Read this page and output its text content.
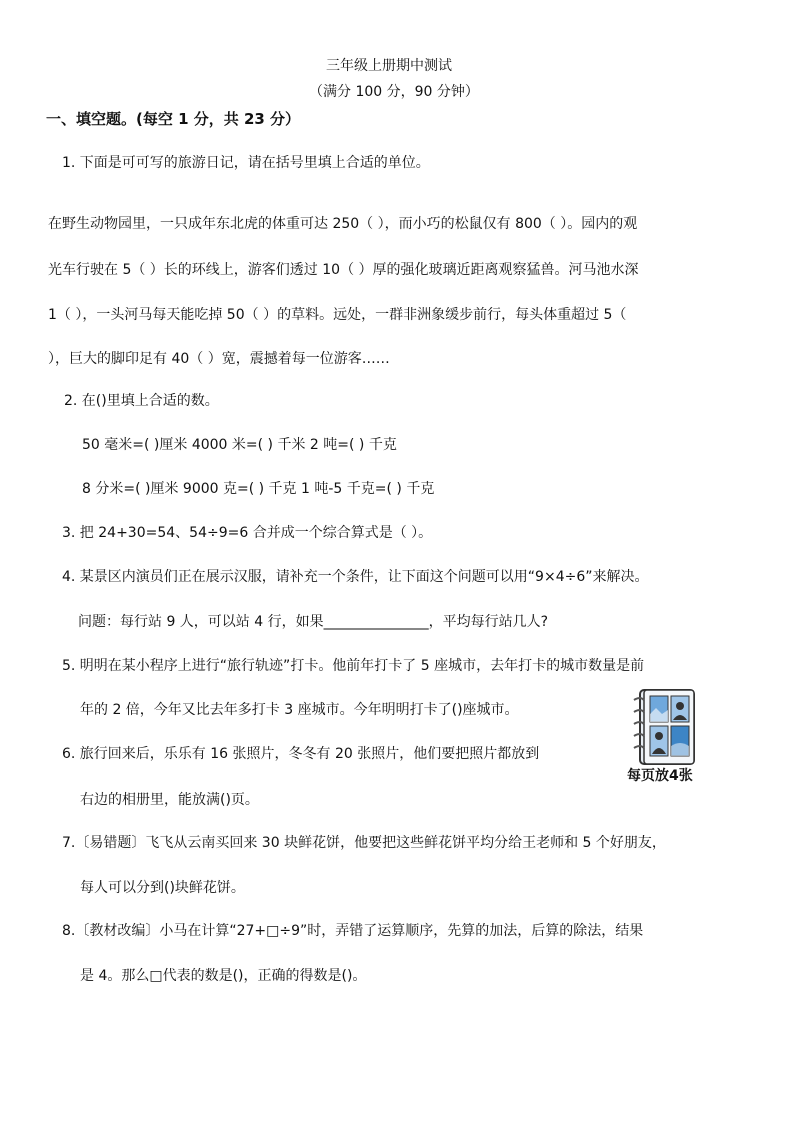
三年级上册期中测试
（满分 100 分，90 分钟）
一、填空题。(每空 1 分，共 23 分）
1. 下面是可可写的旅游日记，请在括号里填上合适的单位。
在野生动物园里，一只成年东北虎的体重可达 250（ ），而小巧的松鼠仅有 800（ ）。园内的观
光车行驶在 5（ ）长的环线上，游客们透过 10（ ）厚的强化玻璃近距离观察猛兽。河马池水深
1（ ），一头河马每天能吃掉 50（ ）的草料。远处，一群非洲象缓步前行，每头体重超过 5（
），巨大的脚印足有 40（ ）宽，震撼着每一位游客……
2. 在()里填上合适的数。
50 毫米=( )厘米 4000 米=( ) 千米 2 吨=( ) 千克
8 分米=( )厘米 9000 克=( ) 千克 1 吨-5 千克=( ) 千克
3. 把 24+30=54、54÷9=6 合并成一个综合算式是（ ）。
4. 某景区内演员们正在展示汉服，请补充一个条件，让下面这个问题可以用“9×4÷6”来解决。
问题：每行站 9 人，可以站 4 行，如果_______________，平均每行站几人?
5. 明明在某小程序上进行“旅行轨迹”打卡。他前年打卡了 5 座城市，去年打卡的城市数量是前
年的 2 倍，今年又比去年多打卡 3 座城市。今年明明打卡了()座城市。
6. 旅行回来后，乐乐有 16 张照片，冬冬有 20 张照片，他们要把照片都放到
右边的相册里，能放满()页。
每页放4张
7.〔易错题〕飞飞从云南买回来 30 块鲜花饼，他要把这些鲜花饼平均分给王老师和 5 个好朋友，
每人可以分到()块鲜花饼。
8.〔教材改编〕小马在计算“27+□÷9”时，弄错了运算顺序，先算的加法，后算的除法，结果
是 4。那么□代表的数是()，正确的得数是()。
